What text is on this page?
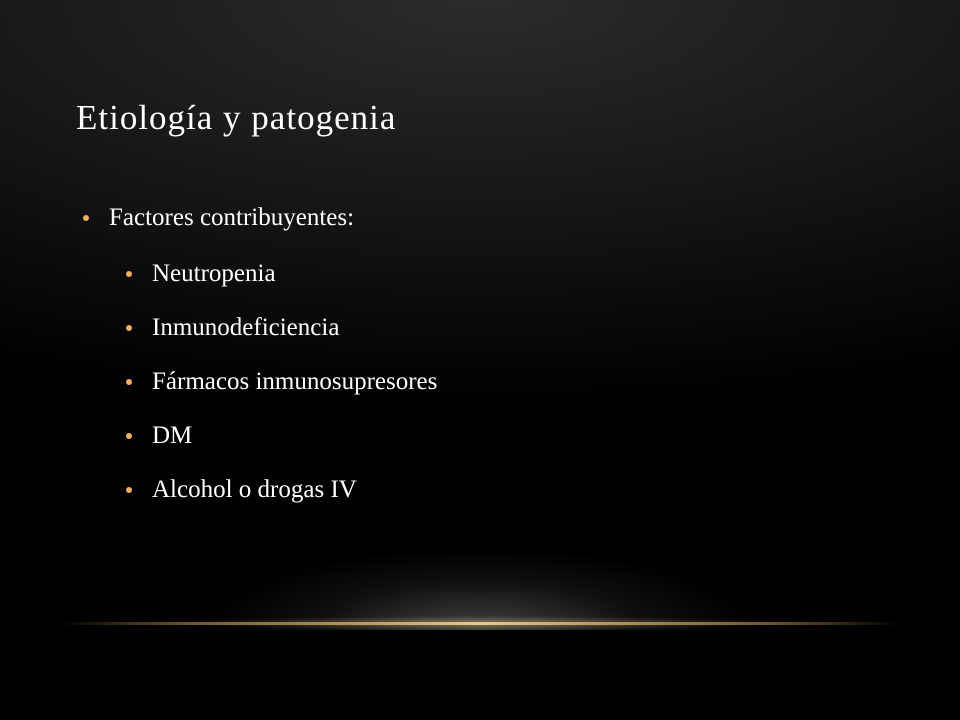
Etiología y patogenia
Factores contribuyentes:
Neutropenia
Inmunodeficiencia
Fármacos inmunosupresores
DM
Alcohol o drogas IV
